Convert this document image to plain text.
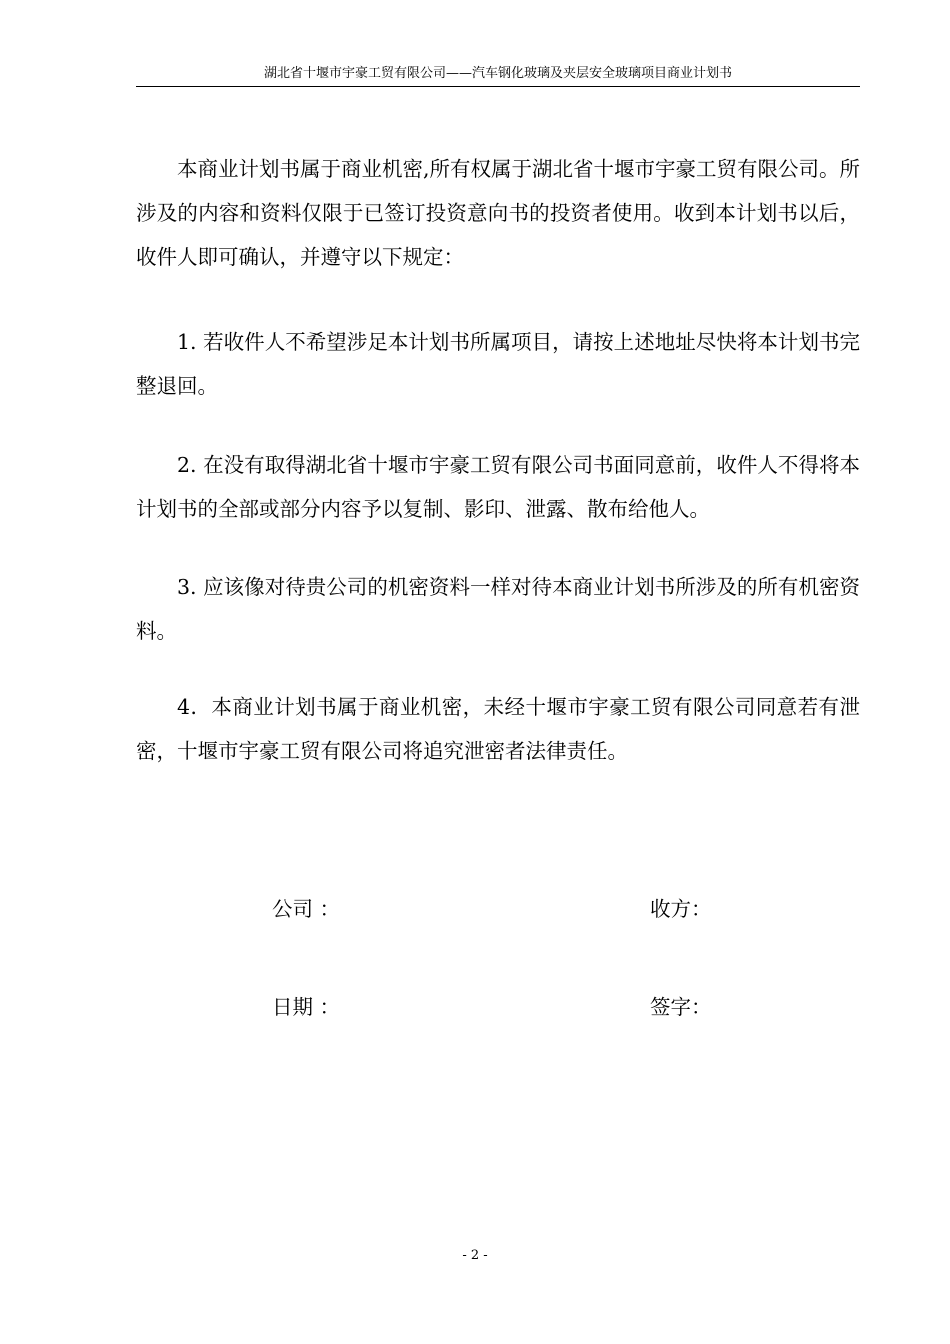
湖北省十堰市宇豪工贸有限公司——汽车钢化玻璃及夹层安全玻璃项目商业计划书

本商业计划书属于商业机密,所有权属于湖北省十堰市宇豪工贸有限公司。所涉及的内容和资料仅限于已签订投资意向书的投资者使用。收到本计划书以后，收件人即可确认，并遵守以下规定：

1. 若收件人不希望涉足本计划书所属项目，请按上述地址尽快将本计划书完整退回。

2. 在没有取得湖北省十堰市宇豪工贸有限公司书面同意前，收件人不得将本计划书的全部或部分内容予以复制、影印、泄露、散布给他人。

3. 应该像对待贵公司的机密资料一样对待本商业计划书所涉及的所有机密资料。

4．本商业计划书属于商业机密，未经十堰市宇豪工贸有限公司同意若有泄密，十堰市宇豪工贸有限公司将追究泄密者法律责任。

公司 ：	收方：
日期 ：	签字：
- 2 -
